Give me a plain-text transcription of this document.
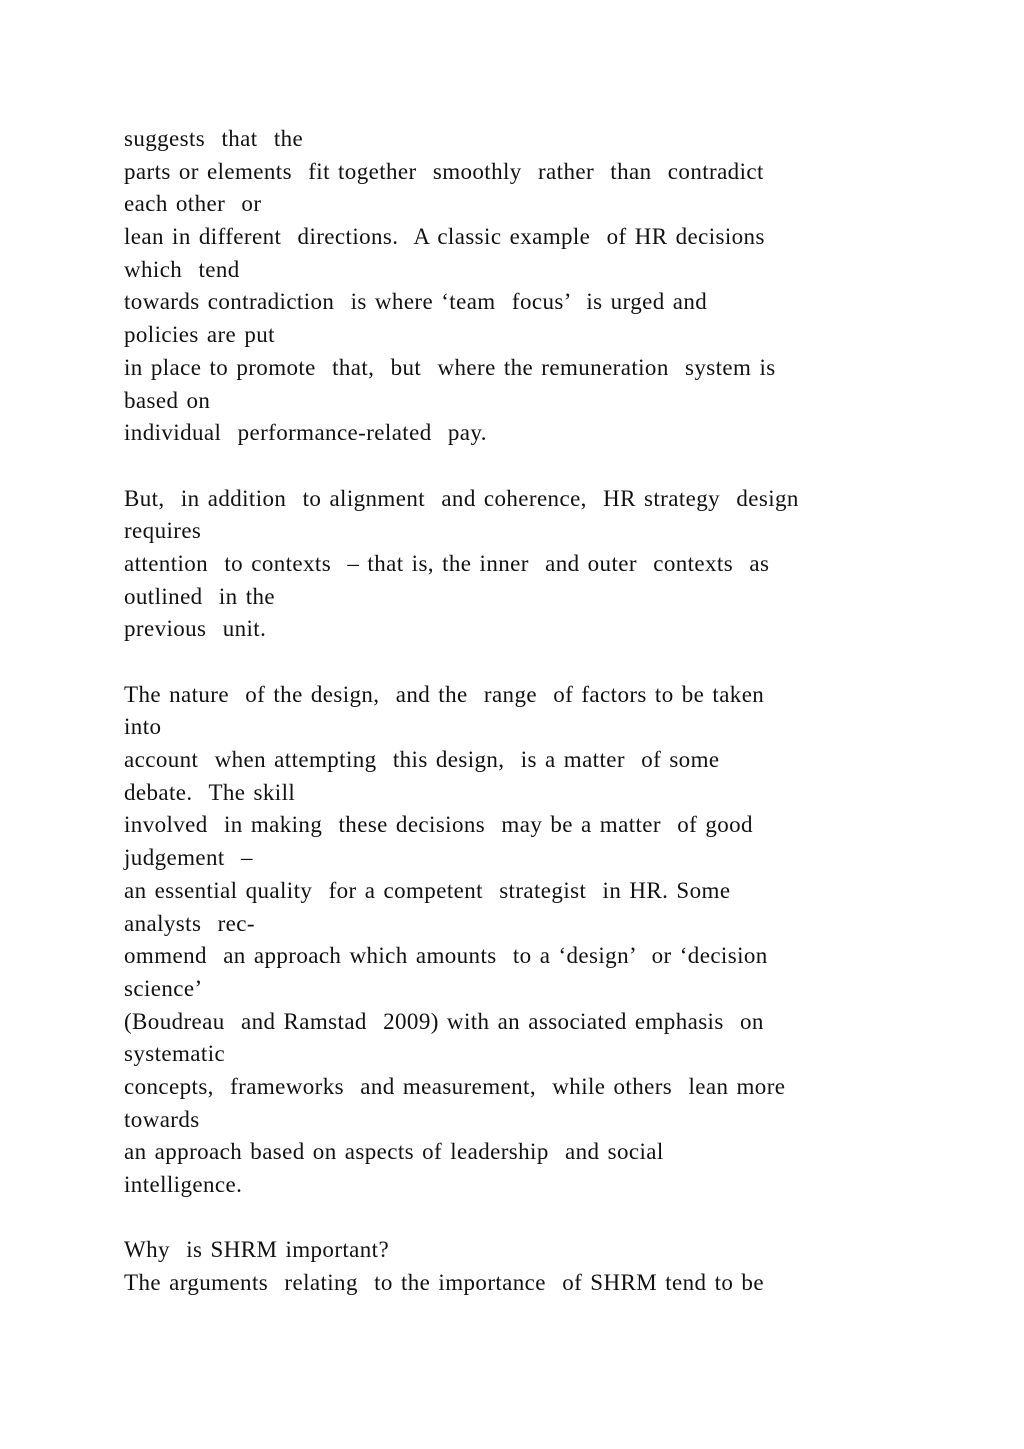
suggests  that  the
parts or elements  fit together  smoothly  rather  than  contradict
each other  or
lean in different  directions.  A classic example  of HR decisions
which  tend
towards contradiction  is where ‘team  focus’  is urged and
policies are put
in place to promote  that,  but  where the remuneration  system is
based on
individual  performance-related  pay.
But,  in addition  to alignment  and coherence,  HR strategy  design
requires
attention  to contexts  – that is, the inner  and outer  contexts  as
outlined  in the
previous  unit.
The nature  of the design,  and the  range  of factors to be taken
into
account  when attempting  this design,  is a matter  of some
debate.  The skill
involved  in making  these decisions  may be a matter  of good
judgement  –
an essential quality  for a competent  strategist  in HR. Some
analysts  rec-
ommend  an approach which amounts  to a ‘design’  or ‘decision
science’
(Boudreau  and Ramstad  2009) with an associated emphasis  on
systematic
concepts,  frameworks  and measurement,  while others  lean more
towards
an approach based on aspects of leadership  and social
intelligence.
Why  is SHRM important?
The arguments  relating  to the importance  of SHRM tend to be
